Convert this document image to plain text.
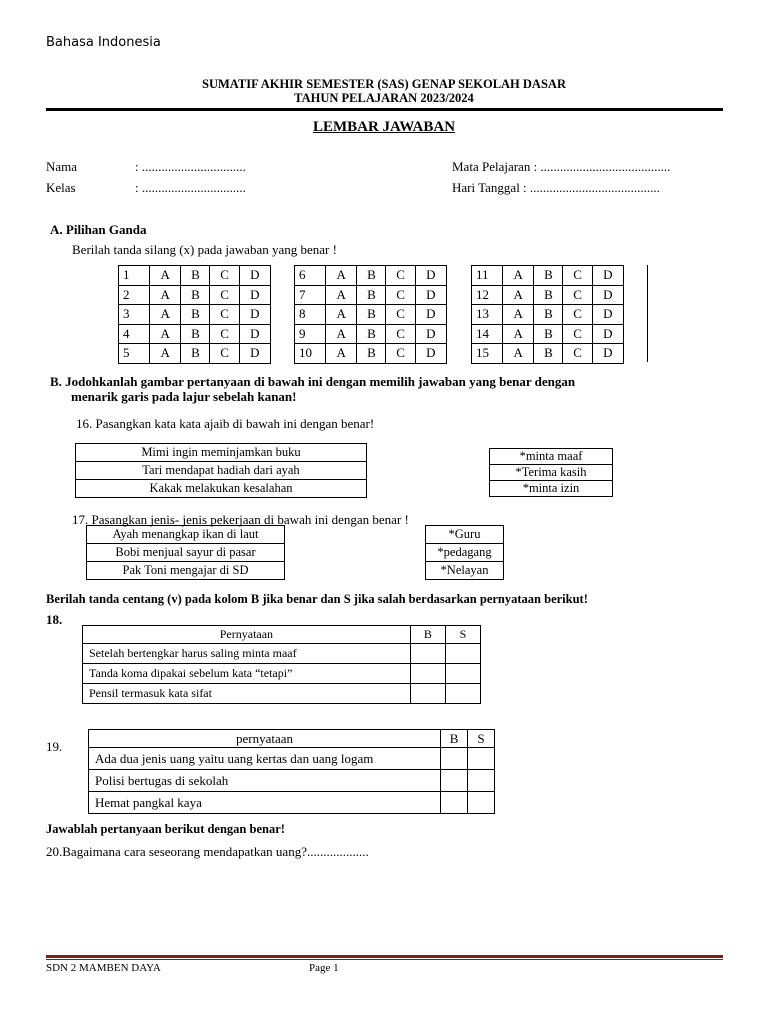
Bahasa Indonesia
SUMATIF AKHIR SEMESTER (SAS) GENAP SEKOLAH DASAR
TAHUN PELAJARAN 2023/2024
LEMBAR JAWABAN
Nama	: ................................
Kelas	: ................................
Mata Pelajaran : ........................................
Hari Tanggal : ........................................
A. Pilihan Ganda
Berilah tanda silang (x) pada jawaban yang benar !
1	A	B	C	D
2	A	B	C	D
3	A	B	C	D
4	A	B	C	D
5	A	B	C	D
6	A	B	C	D
7	A	B	C	D
8	A	B	C	D
9	A	B	C	D
10	A	B	C	D
11	A	B	C	D
12	A	B	C	D
13	A	B	C	D
14	A	B	C	D
15	A	B	C	D
B. Jodohkanlah gambar pertanyaan di bawah ini dengan memilih jawaban yang benar dengan
menarik garis pada lajur sebelah kanan!
16. Pasangkan kata kata ajaib di bawah ini dengan benar!
Mimi ingin meminjamkan buku
Tari mendapat hadiah dari ayah
Kakak melakukan kesalahan
*minta maaf
*Terima kasih
*minta izin
17. Pasangkan jenis- jenis pekerjaan di bawah ini dengan benar !
Ayah menangkap ikan di laut
Bobi menjual sayur di pasar
Pak Toni mengajar di SD
*Guru
*pedagang
*Nelayan
Berilah tanda centang (v) pada kolom B jika benar dan S jika salah berdasarkan pernyataan berikut!
18.
Pernyataan	B	S
Setelah bertengkar harus saling minta maaf		
Tanda koma dipakai sebelum kata “tetapi”		
Pensil termasuk kata sifat		
19.
pernyataan	B	S
Ada dua jenis uang yaitu uang kertas dan uang logam		
Polisi bertugas di sekolah		
Hemat pangkal kaya		
Jawablah pertanyaan berikut dengan benar!
20.Bagaimana cara seseorang mendapatkan uang?...................
SDN 2 MAMBEN DAYA	Page 1
